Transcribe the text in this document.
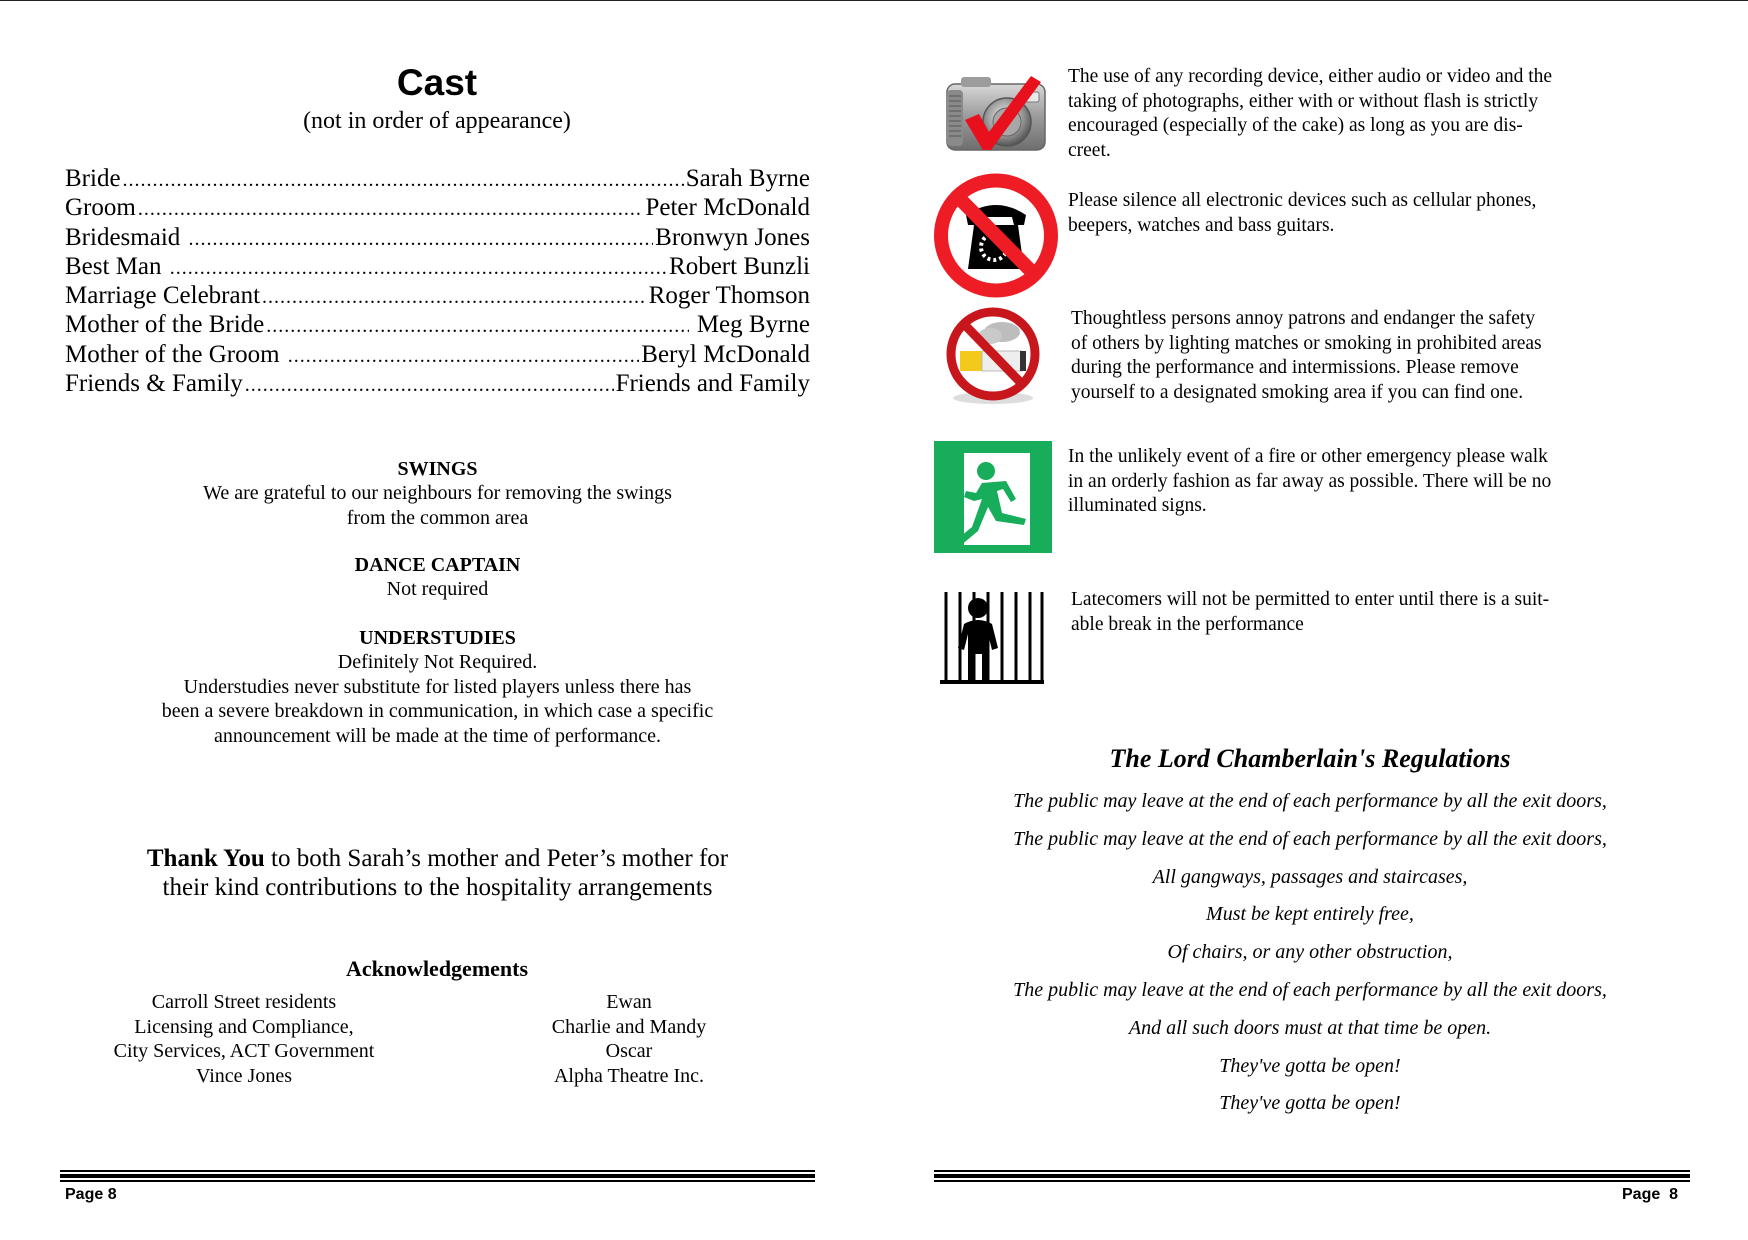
Cast
(not in order of appearance)
Bride .....	Sarah Byrne
Groom .....	Peter McDonald
Bridesmaid .....	Bronwyn Jones
Best Man .....	Robert Bunzli
Marriage Celebrant .....	Roger Thomson
Mother of the Bride .....	Meg Byrne
Mother of the Groom .....	Beryl McDonald
Friends & Family .....	Friends and Family
SWINGS
We are grateful to our neighbours for removing the swings
from the common area
DANCE CAPTAIN
Not required
UNDERSTUDIES
Definitely Not Required.
Understudies never substitute for listed players unless there has
been a severe breakdown in communication, in which case a specific
announcement will be made at the time of performance.
Thank You to both Sarah’s mother and Peter’s mother for
their kind contributions to the hospitality arrangements
Acknowledgements
Carroll Street residents
Licensing and Compliance,
City Services, ACT Government
Vince Jones
Ewan
Charlie and Mandy
Oscar
Alpha Theatre Inc.
Page 8
The use of any recording device, either audio or video and the
taking of photographs, either with or without flash is strictly
encouraged (especially of the cake) as long as you are dis-
creet.
Please silence all electronic devices such as cellular phones,
beepers, watches and bass guitars.
Thoughtless persons annoy patrons and endanger the safety
of others by lighting matches or smoking in prohibited areas
during the performance and intermissions. Please remove
yourself to a designated smoking area if you can find one.
In the unlikely event of a fire or other emergency please walk
in an orderly fashion as far away as possible. There will be no
illuminated signs.
Latecomers will not be permitted to enter until there is a suit-
able break in the performance
The Lord Chamberlain's Regulations
The public may leave at the end of each performance by all the exit doors,
The public may leave at the end of each performance by all the exit doors,
All gangways, passages and staircases,
Must be kept entirely free,
Of chairs, or any other obstruction,
The public may leave at the end of each performance by all the exit doors,
And all such doors must at that time be open.
They've gotta be open!
They've gotta be open!
Page  8
